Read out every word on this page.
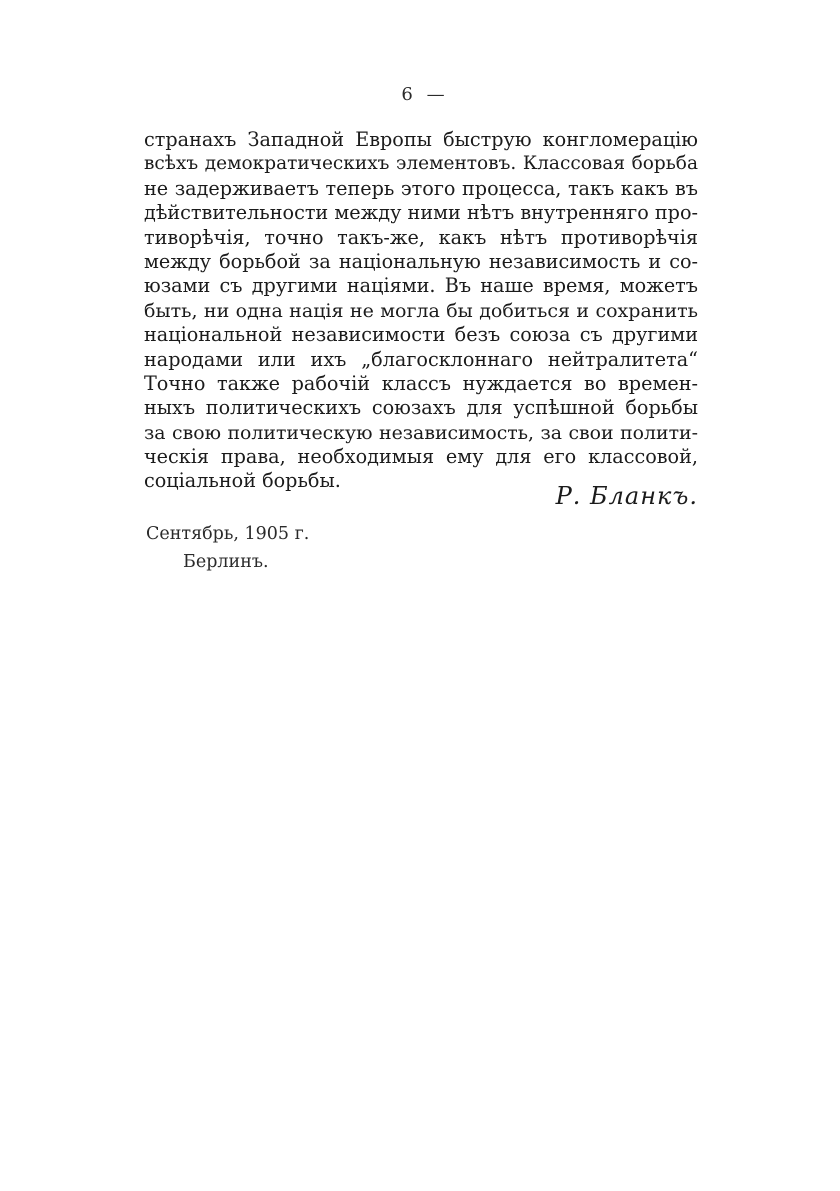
6 —
странахъ Западной Европы быструю конгломерацію
всѣхъ демократическихъ элементовъ. Классовая борьба
не задерживаетъ теперь этого процесса, такъ какъ въ
дѣйствительности между ними нѣтъ внутренняго про-
тиворѣчія, точно такъ-же, какъ нѣтъ противорѣчія
между борьбой за національную независимость и со-
юзами съ другими націями. Въ наше время, можетъ
быть, ни одна нація не могла бы добиться и сохранить
національной независимости безъ союза съ другими
народами или ихъ „благосклоннаго нейтралитета“
Точно также рабочій классъ нуждается во времен-
ныхъ политическихъ союзахъ для успѣшной борьбы
за свою политическую независимость, за свои полити-
ческія права, необходимыя ему для его классовой,
соціальной борьбы.
Р. Бланкъ.
Сентябрь, 1905 г.
Берлинъ.
